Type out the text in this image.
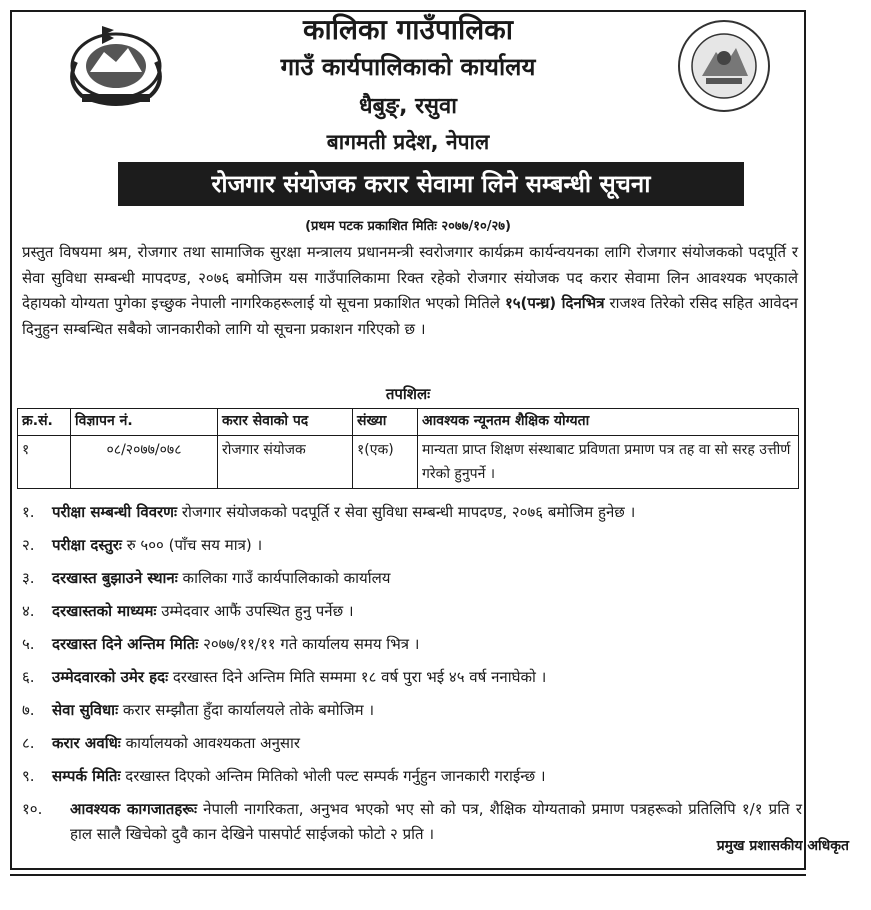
कालिका गाउँपालिका
गाउँ कार्यपालिकाको कार्यालय
धैबुङ्, रसुवा
बागमती प्रदेश, नेपाल
रोजगार संयोजक करार सेवामा लिने सम्बन्धी सूचना
(प्रथम पटक प्रकाशित मितिः २०७७/१०/२७)
प्रस्तुत विषयमा श्रम, रोजगार तथा सामाजिक सुरक्षा मन्त्रालय प्रधानमन्त्री स्वरोजगार कार्यक्रम कार्यन्वयनका लागि रोजगार संयोजकको पदपूर्ति र सेवा सुविधा सम्बन्धी मापदण्ड, २०७६ बमोजिम यस गाउँपालिकामा रिक्त रहेको रोजगार संयोजक पद करार सेवामा लिन आवश्यक भएकाले देहायको योग्यता पुगेका इच्छुक नेपाली नागरिकहरूलाई यो सूचना प्रकाशित भएको मितिले १५(पन्ध्र) दिनभित्र राजश्व तिरेको रसिद सहित आवेदन दिनुहुन सम्बन्धित सबैको जानकारीको लागि यो सूचना प्रकाशन गरिएको छ ।
तपशिलः
क्र.सं.	विज्ञापन नं.	करार सेवाको पद	संख्या	आवश्यक न्यूनतम शैक्षिक योग्यता
१	०८/२०७७/०७८	रोजगार संयोजक	१(एक)	मान्यता प्राप्त शिक्षण संस्थाबाट प्रविणता प्रमाण पत्र तह वा सो सरह उत्तीर्ण गरेको हुनुपर्ने ।
१. परीक्षा सम्बन्धी विवरणः रोजगार संयोजकको पदपूर्ति र सेवा सुविधा सम्बन्धी मापदण्ड, २०७६ बमोजिम हुनेछ ।
२. परीक्षा दस्तुरः रु ५०० (पाँच सय मात्र) ।
३. दरखास्त बुझाउने स्थानः कालिका गाउँ कार्यपालिकाको कार्यालय
४. दरखास्तको माध्यमः उम्मेदवार आफैं उपस्थित हुनु पर्नेछ ।
५. दरखास्त दिने अन्तिम मितिः २०७७/११/११ गते कार्यालय समय भित्र ।
६. उम्मेदवारको उमेर हदः दरखास्त दिने अन्तिम मिति सम्ममा १८ वर्ष पुरा भई ४५ वर्ष ननाघेको ।
७. सेवा सुविधाः करार सम्झौता हुँदा कार्यालयले तोके बमोजिम ।
८. करार अवधिः कार्यालयको आवश्यकता अनुसार
९. सम्पर्क मितिः दरखास्त दिएको अन्तिम मितिको भोली पल्ट सम्पर्क गर्नुहुन जानकारी गराईन्छ ।
१०. आवश्यक कागजातहरूः नेपाली नागरिकता, अनुभव भएको भए सो को पत्र, शैक्षिक योग्यताको प्रमाण पत्रहरूको प्रतिलिपि १/१ प्रति र हाल सालै खिचेको दुवै कान देखिने पासपोर्ट साईजको फोटो २ प्रति ।
प्रमुख प्रशासकीय अधिकृत
